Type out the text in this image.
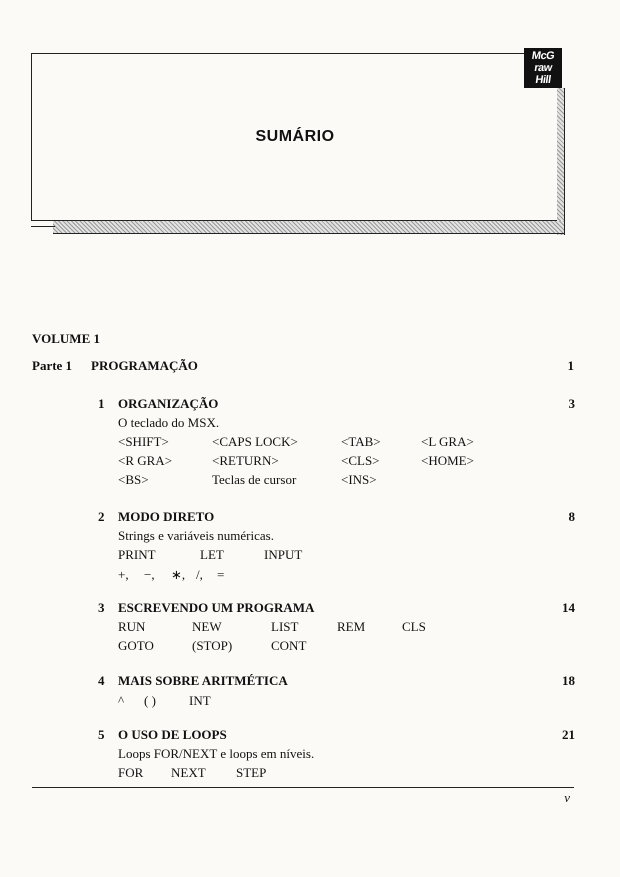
SUMÁRIO
McG
raw
Hill
VOLUME 1
Parte 1 PROGRAMAÇÃO	1
1 ORGANIZAÇÃO	3
O teclado do MSX.
<SHIFT>	<CAPS LOCK>	<TAB>	<L GRA>
<R GRA>	<RETURN>	<CLS>	<HOME>
<BS>	Teclas de cursor	<INS>
2 MODO DIRETO	8
Strings e variáveis numéricas.
PRINT	LET	INPUT
+, −, ∗, /, =
3 ESCREVENDO UM PROGRAMA	14
RUN	NEW	LIST	REM	CLS
GOTO	(STOP)	CONT
4 MAIS SOBRE ARITMÉTICA	18
^ ( )	INT
5 O USO DE LOOPS	21
Loops FOR/NEXT e loops em níveis.
FOR NEXT STEP
v
